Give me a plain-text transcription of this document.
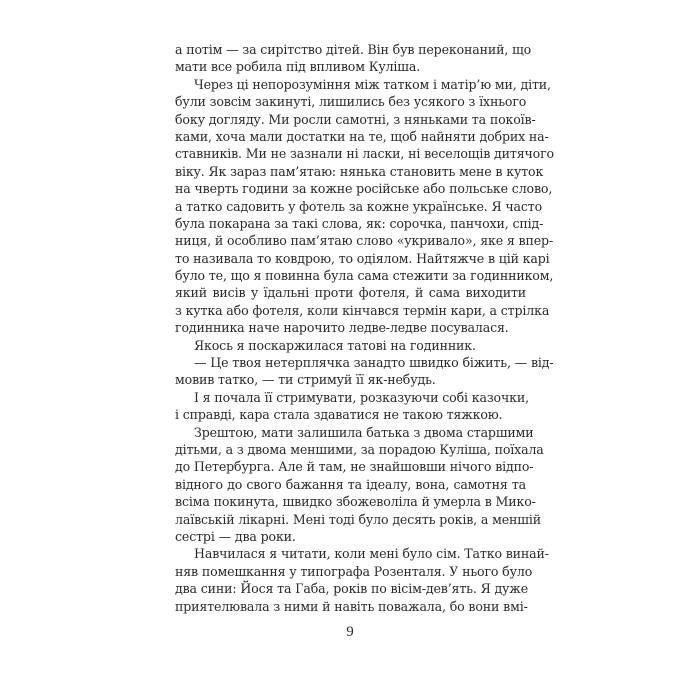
а потім — за сирітство дітей. Він був переконаний, що
мати все робила під впливом Куліша.
Через ці непорозуміння між татком і матір’ю ми, діти,
були зовсім закинуті, лишились без усякого з їхнього
боку догляду. Ми росли самотні, з няньками та покоїв-
ками, хоча мали достатки на те, щоб найняти добрих на-
ставників. Ми не зазнали ні ласки, ні веселощів дитячого
віку. Як зараз пам’ятаю: нянька становить мене в куток
на чверть години за кожне російське або польське слово,
а татко садовить у фотель за кожне українське. Я часто
була покарана за такі слова, як: сорочка, панчохи, спід-
ниця, й особливо пам’ятаю слово «укривало», яке я впер-
то називала то ковдрою, то одіялом. Найтяжче в цій карі
було те, що я повинна була сама стежити за годинником,
який висів у їдальні проти фотеля, й сама виходити
з кутка або фотеля, коли кінчався термін кари, а стрілка
годинника наче нарочито ледве-ледве посувалася.
Якось я поскаржилася татові на годинник.
— Це твоя нетерплячка занадто швидко біжить, — від-
мовив татко, — ти стримуй її як-небудь.
І я почала її стримувати, розказуючи собі казочки,
і справді, кара стала здаватися не такою тяжкою.
Зрештою, мати залишила батька з двома старшими
дітьми, а з двома меншими, за порадою Куліша, поїхала
до Петербурга. Але й там, не знайшовши нічого відпо-
відного до свого бажання та ідеалу, вона, самотня та
всіма покинута, швидко збожеволіла й умерла в Мико-
лаївській лікарні. Мені тоді було десять років, а меншій
сестрі — два роки.
Навчилася я читати, коли мені було сім. Татко винай-
няв помешкання у типографа Розенталя. У нього було
два сини: Йося та Габа, років по вісім-дев’ять. Я дуже
приятелювала з ними й навіть поважала, бо вони вмі-
9
